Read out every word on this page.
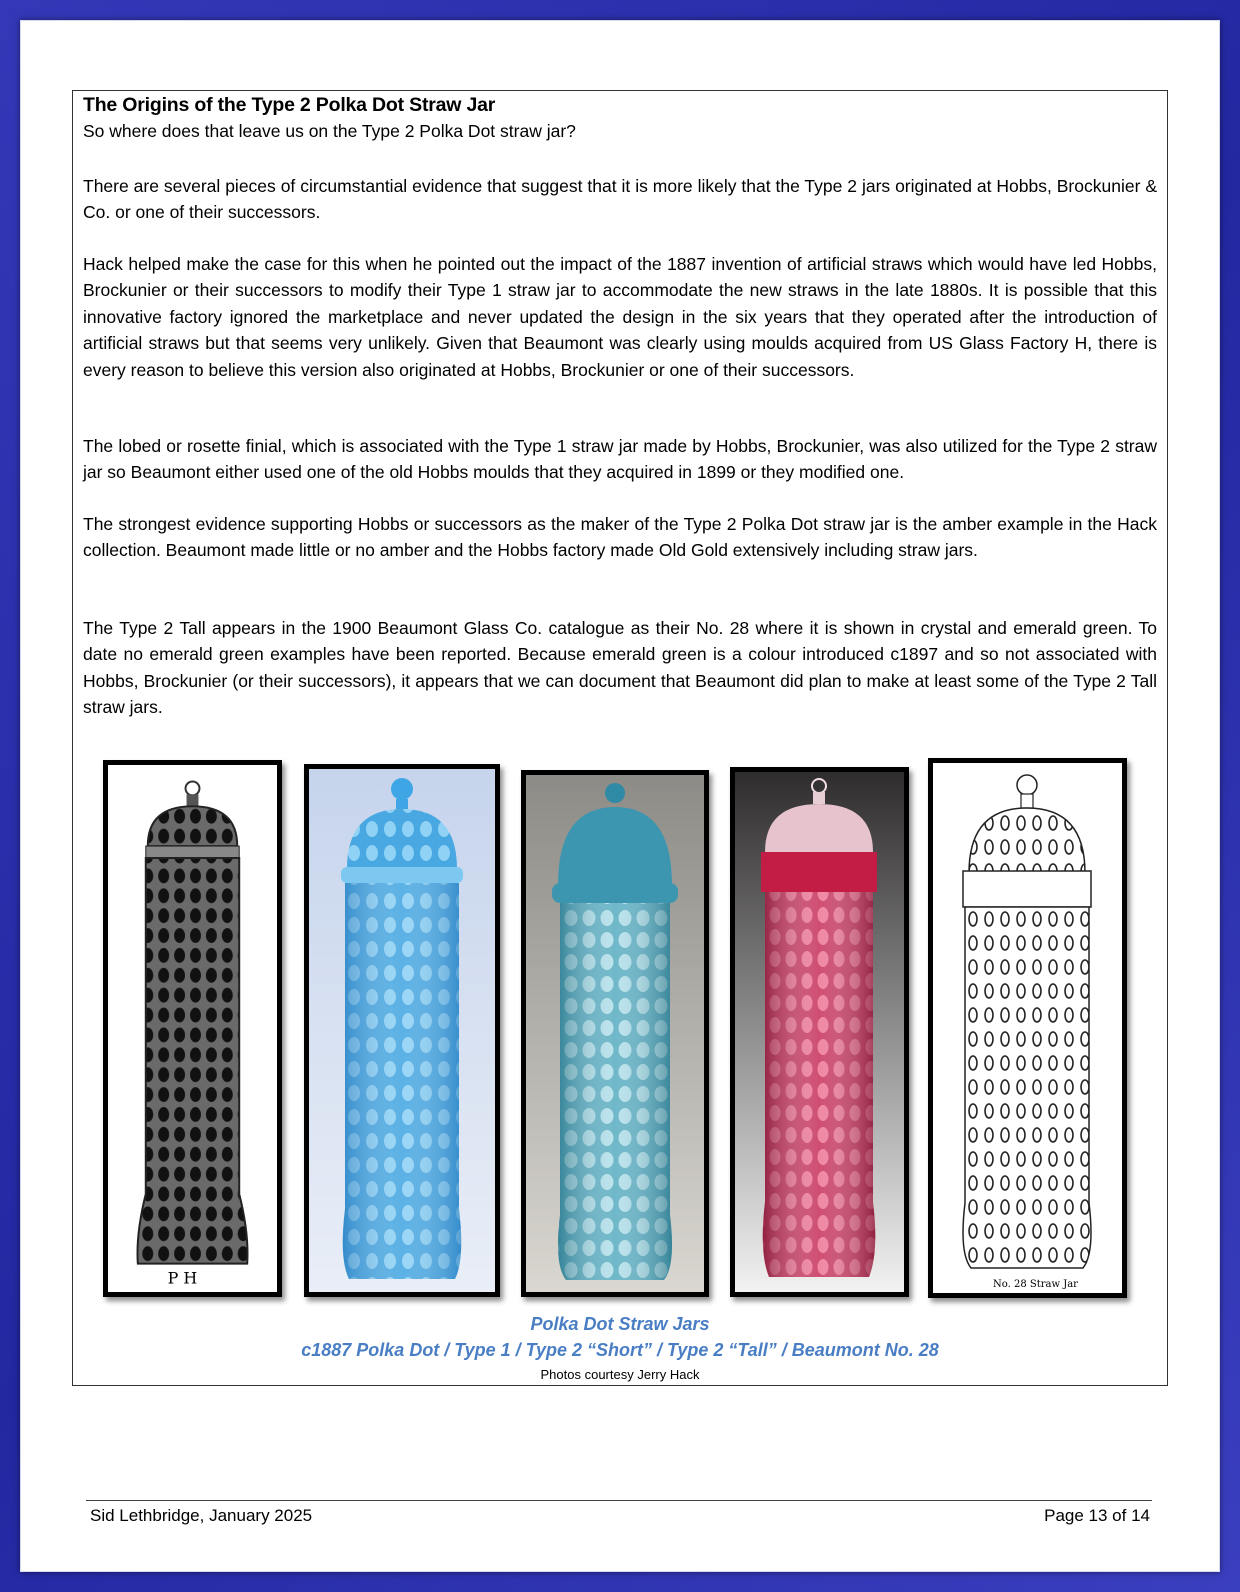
The Origins of the Type 2 Polka Dot Straw Jar
So where does that leave us on the Type 2 Polka Dot straw jar?
There are several pieces of circumstantial evidence that suggest that it is more likely that the Type 2 jars originated at Hobbs, Brockunier & Co. or one of their successors.
Hack helped make the case for this when he pointed out the impact of the 1887 invention of artificial straws which would have led Hobbs, Brockunier or their successors to modify their Type 1 straw jar to accommodate the new straws in the late 1880s. It is possible that this innovative factory ignored the marketplace and never updated the design in the six years that they operated after the introduction of artificial straws but that seems very unlikely. Given that Beaumont was clearly using moulds acquired from US Glass Factory H, there is every reason to believe this version also originated at Hobbs, Brockunier or one of their successors.
The lobed or rosette finial, which is associated with the Type 1 straw jar made by Hobbs, Brockunier, was also utilized for the Type 2 straw jar so Beaumont either used one of the old Hobbs moulds that they acquired in 1899 or they modified one.
The strongest evidence supporting Hobbs or successors as the maker of the Type 2 Polka Dot straw jar is the amber example in the Hack collection. Beaumont made little or no amber and the Hobbs factory made Old Gold extensively including straw jars.
The Type 2 Tall appears in the 1900 Beaumont Glass Co. catalogue as their No. 28 where it is shown in crystal and emerald green. To date no emerald green examples have been reported. Because emerald green is a colour introduced c1897 and so not associated with Hobbs, Brockunier (or their successors), it appears that we can document that Beaumont did plan to make at least some of the Type 2 Tall straw jars.
P H	No. 28 Straw Jar
Polka Dot Straw Jars
c1887 Polka Dot / Type 1 / Type 2 “Short” / Type 2 “Tall” / Beaumont No. 28
Photos courtesy Jerry Hack
Sid Lethbridge, January 2025	Page 13 of 14
